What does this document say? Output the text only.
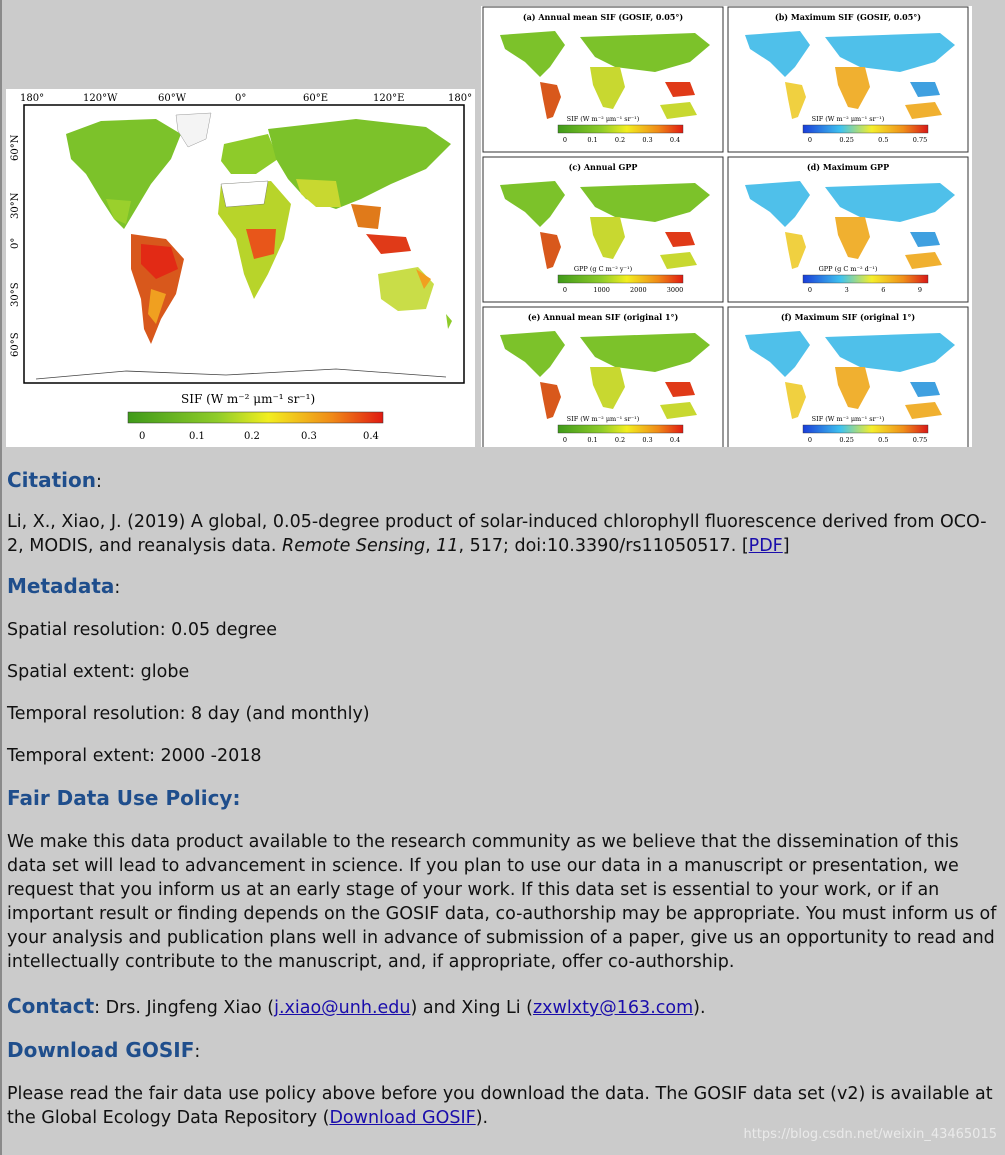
180°	120°W	60°W	0°	60°E	120°E	180°
60°N
30°N
0°
30°S
60°S
SIF (W m⁻² μm⁻¹ sr⁻¹)
0	0.1	0.2	0.3	0.4
(a) Annual mean SIF (GOSIF, 0.05°)
SIF (W m⁻² μm⁻¹ sr⁻¹)
0	0.1	0.2	0.3	0.4
(b) Maximum SIF (GOSIF, 0.05°)
SIF (W m⁻² μm⁻¹ sr⁻¹)
0	0.25	0.5	0.75
(c) Annual GPP
GPP (g C m⁻² y⁻¹)
0	1000	2000	3000
(d) Maximum GPP
GPP (g C m⁻² d⁻¹)
0	3	6	9
(e) Annual mean SIF (original 1°)
SIF (W m⁻² μm⁻¹ sr⁻¹)
0	0.1	0.2	0.3	0.4
(f) Maximum SIF (original 1°)
SIF (W m⁻² μm⁻¹ sr⁻¹)
0	0.25	0.5	0.75

Citation:

Li, X., Xiao, J. (2019) A global, 0.05-degree product of solar-induced chlorophyll fluorescence derived from OCO-2, MODIS, and reanalysis data. Remote Sensing, 11, 517; doi:10.3390/rs11050517. [PDF]

Metadata:

Spatial resolution: 0.05 degree

Spatial extent: globe

Temporal resolution: 8 day (and monthly)

Temporal extent: 2000 -2018

Fair Data Use Policy:

We make this data product available to the research community as we believe that the dissemination of this data set will lead to advancement in science. If you plan to use our data in a manuscript or presentation, we request that you inform us at an early stage of your work. If this data set is essential to your work, or if an important result or finding depends on the GOSIF data, co-authorship may be appropriate. You must inform us of your analysis and publication plans well in advance of submission of a paper, give us an opportunity to read and intellectually contribute to the manuscript, and, if appropriate, offer co-authorship.

Contact: Drs. Jingfeng Xiao (j.xiao@unh.edu) and Xing Li (zxwlxty@163.com).

Download GOSIF:

Please read the fair data use policy above before you download the data. The GOSIF data set (v2) is available at the Global Ecology Data Repository (Download GOSIF).

https://blog.csdn.net/weixin_43465015
